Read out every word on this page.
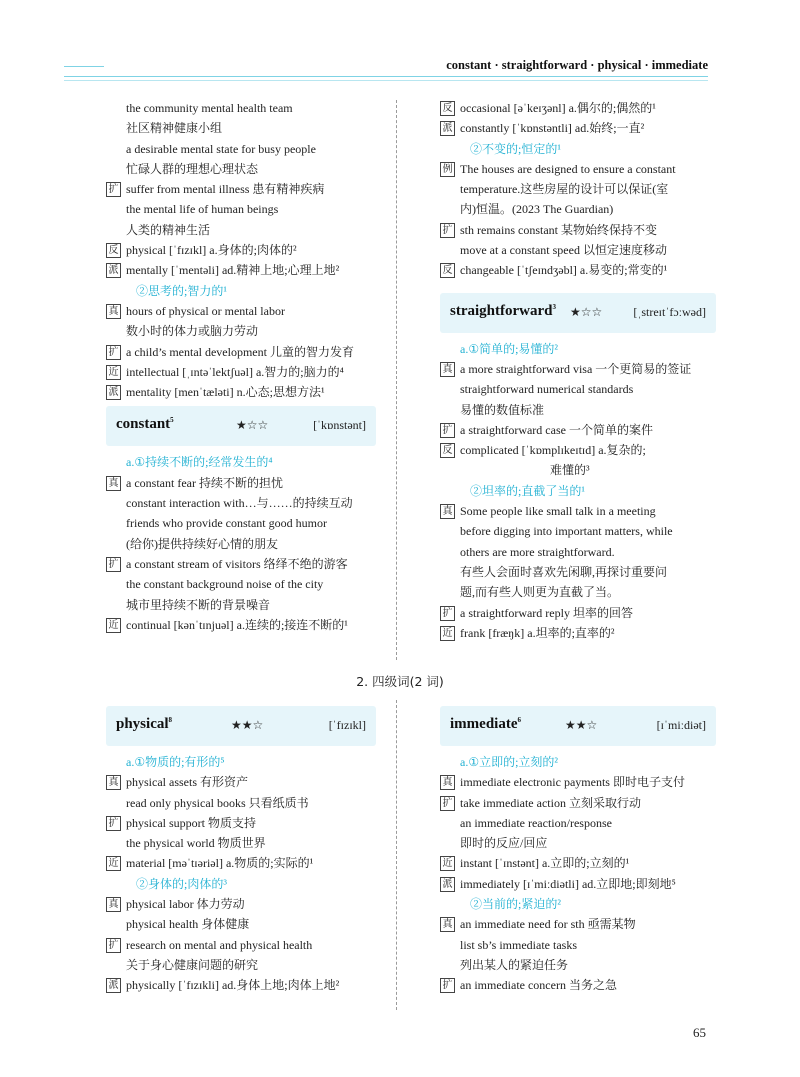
constant · straightforward · physical · immediate
the community mental health team
社区精神健康小组
a desirable mental state for busy people
忙碌人群的理想心理状态
扩 suffer from mental illness 患有精神疾病
the mental life of human beings
人类的精神生活
反 physical [ˈfɪzɪkl] a.身体的;肉体的²
派 mentally [ˈmentəli] ad.精神上地;心理上地²
②思考的;智力的¹
真 hours of physical or mental labor
数小时的体力或脑力劳动
扩 a child’s mental development 儿童的智力发育
近 intellectual [ˌɪntəˈlektʃuəl] a.智力的;脑力的⁴
派 mentality [menˈtæləti] n.心态;思想方法¹
constant$^5$	★☆☆	[ˈkɒnstənt]
a.①持续不断的;经常发生的⁴
真 a constant fear 持续不断的担忧
constant interaction with…与……的持续互动
friends who provide constant good humor
(给你)提供持续好心情的朋友
扩 a constant stream of visitors 络绎不绝的游客
the constant background noise of the city
城市里持续不断的背景噪音
近 continual [kənˈtɪnjuəl] a.连续的;接连不断的¹
反 occasional [əˈkeɪʒənl] a.偶尔的;偶然的¹
派 constantly [ˈkɒnstəntli] ad.始终;一直²
②不变的;恒定的¹
例 The houses are designed to ensure a constant
temperature.这些房屋的设计可以保证(室
内)恒温。(2023 The Guardian)
扩 sth remains constant 某物始终保持不变
move at a constant speed 以恒定速度移动
反 changeable [ˈtʃeɪndʒəbl] a.易变的;常变的¹
straightforward$^3$ ★☆☆	[ˌstreɪtˈfɔːwəd]
a.①简单的;易懂的²
真 a more straightforward visa 一个更简易的签证
straightforward numerical standards
易懂的数值标准
扩 a straightforward case 一个简单的案件
反 complicated [ˈkɒmplɪkeɪtɪd] a.复杂的;
难懂的³
②坦率的;直截了当的¹
真 Some people like small talk in a meeting
before digging into important matters, while
others are more straightforward.
有些人会面时喜欢先闲聊,再探讨重要问
题,而有些人则更为直截了当。
扩 a straightforward reply 坦率的回答
近 frank [fræŋk] a.坦率的;直率的²
2. 四级词(2 词)
physical$^8$	★★☆	[ˈfɪzɪkl]
a.①物质的;有形的⁵
真 physical assets 有形资产
read only physical books 只看纸质书
扩 physical support 物质支持
the physical world 物质世界
近 material [məˈtɪəriəl] a.物质的;实际的¹
②身体的;肉体的³
真 physical labor 体力劳动
physical health 身体健康
扩 research on mental and physical health
关于身心健康问题的研究
派 physically [ˈfɪzɪkli] ad.身体上地;肉体上地²
immediate$^6$	★★☆	[ɪˈmiːdiət]
a.①立即的;立刻的²
真 immediate electronic payments 即时电子支付
扩 take immediate action 立刻采取行动
an immediate reaction/response
即时的反应/回应
近 instant [ˈɪnstənt] a.立即的;立刻的¹
派 immediately [ɪˈmiːdiətli] ad.立即地;即刻地⁵
②当前的;紧迫的²
真 an immediate need for sth 亟需某物
list sb’s immediate tasks
列出某人的紧迫任务
扩 an immediate concern 当务之急
65
